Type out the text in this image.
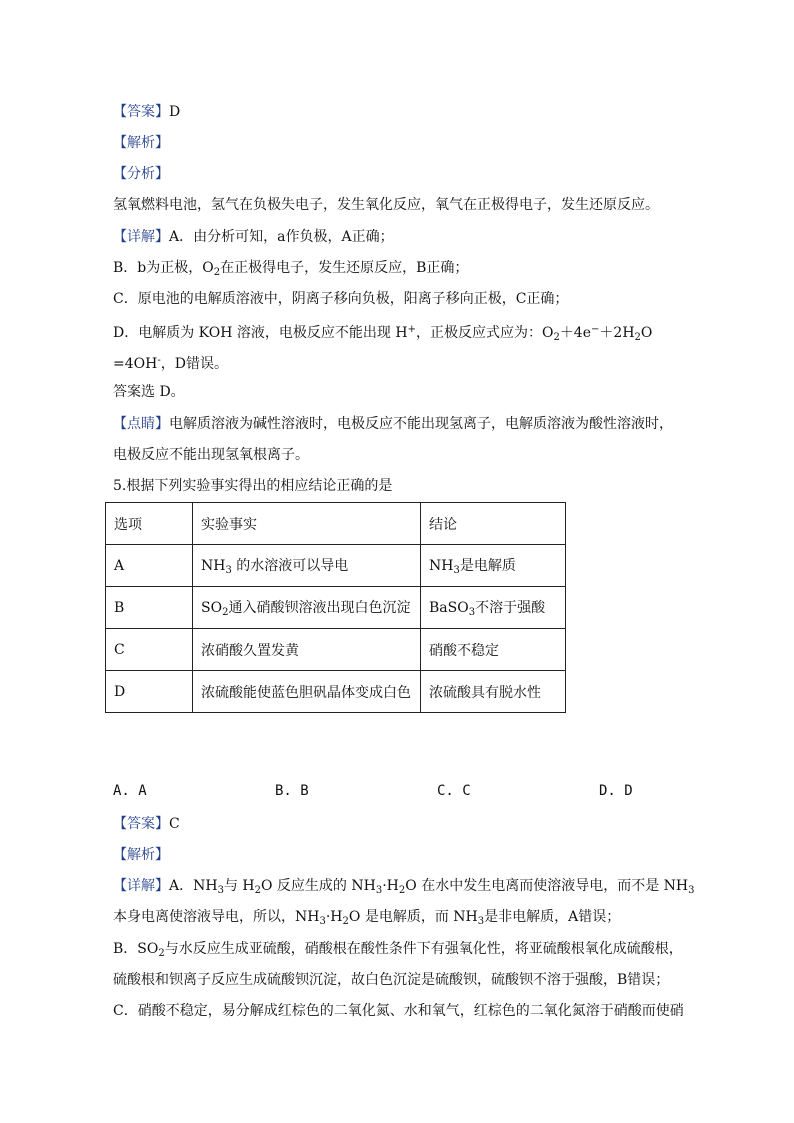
【答案】D
【解析】
【分析】
氢氧燃料电池，氢气在负极失电子，发生氧化反应，氧气在正极得电子，发生还原反应。
【详解】A．由分析可知，a作负极，A正确；
B．b为正极，$O_2$在正极得电子，发生还原反应，B正确；
C．原电池的电解质溶液中，阴离子移向负极，阳离子移向正极，C正确；
D．电解质为 KOH 溶液，电极反应不能出现 H+，正极反应式应为：$O_2+4e^-+2H_2O$
=4OH-，D错误。
答案选 D。
【点睛】电解质溶液为碱性溶液时，电极反应不能出现氢离子，电解质溶液为酸性溶液时，
电极反应不能出现氢氧根离子。
5.根据下列实验事实得出的相应结论正确的是
选项	实验事实	结论
A	$NH_3$ 的水溶液可以导电	$NH_3$是电解质
B	$SO_2$通入硝酸钡溶液出现白色沉淀	BaSO$_3$不溶于强酸
C	浓硝酸久置发黄	硝酸不稳定
D	浓硫酸能使蓝色胆矾晶体变成白色	浓硫酸具有脱水性
A. A	B. B	C. C	D. D
【答案】C
【解析】
【详解】A．$NH_3$与 $H_2O$ 反应生成的 $NH_3\cdot H_2O$ 在水中发生电离而使溶液导电，而不是 $NH_3$
本身电离使溶液导电，所以，$NH_3\cdot H_2O$ 是电解质，而 $NH_3$是非电解质，A错误；
B．$SO_2$与水反应生成亚硫酸，硝酸根在酸性条件下有强氧化性，将亚硫酸根氧化成硫酸根，
硫酸根和钡离子反应生成硫酸钡沉淀，故白色沉淀是硫酸钡，硫酸钡不溶于强酸，B错误；
C．硝酸不稳定，易分解成红棕色的二氧化氮、水和氧气，红棕色的二氧化氮溶于硝酸而使硝
